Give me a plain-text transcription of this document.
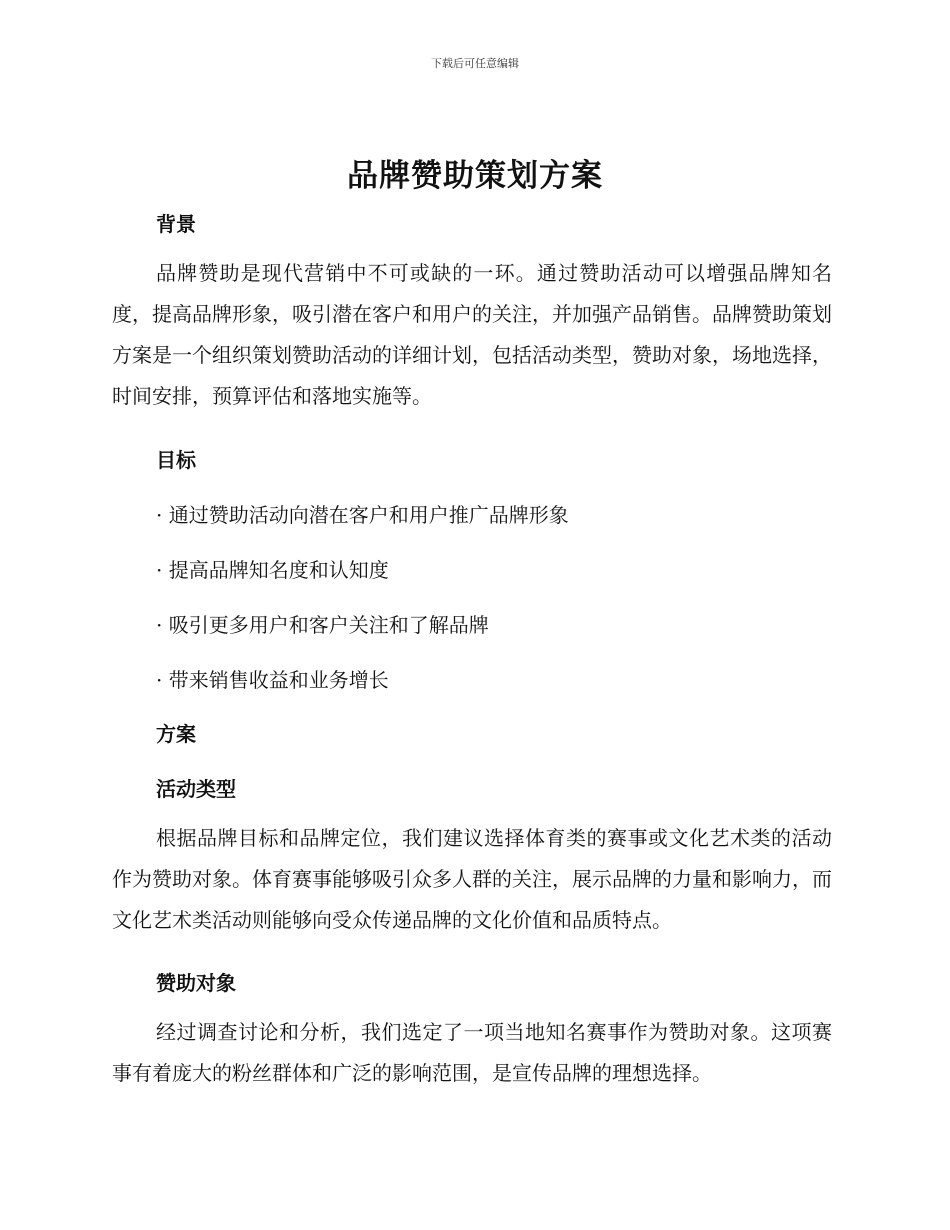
下载后可任意编辑
品牌赞助策划方案
背景
品牌赞助是现代营销中不可或缺的一环。通过赞助活动可以增强品牌知名度，提高品牌形象，吸引潜在客户和用户的关注，并加强产品销售。品牌赞助策划方案是一个组织策划赞助活动的详细计划，包括活动类型，赞助对象，场地选择，时间安排，预算评估和落地实施等。
目标
· 通过赞助活动向潜在客户和用户推广品牌形象
· 提高品牌知名度和认知度
· 吸引更多用户和客户关注和了解品牌
· 带来销售收益和业务增长
方案
活动类型
根据品牌目标和品牌定位，我们建议选择体育类的赛事或文化艺术类的活动作为赞助对象。体育赛事能够吸引众多人群的关注，展示品牌的力量和影响力，而文化艺术类活动则能够向受众传递品牌的文化价值和品质特点。
赞助对象
经过调查讨论和分析，我们选定了一项当地知名赛事作为赞助对象。这项赛事有着庞大的粉丝群体和广泛的影响范围，是宣传品牌的理想选择。
